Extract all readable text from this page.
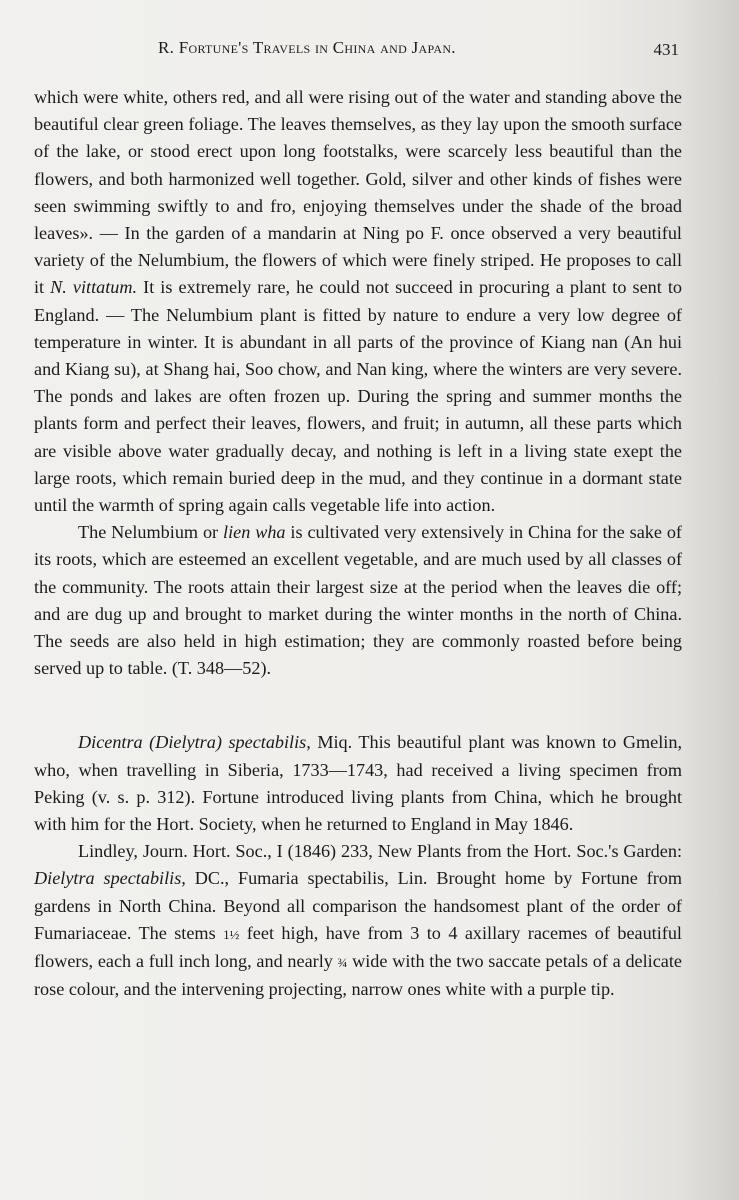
R. Fortune's Travels in China and Japan.	431

which were white, others red, and all were rising out of the water and standing above the beautiful clear green foliage. The leaves themselves, as they lay upon the smooth surface of the lake, or stood erect upon long footstalks, were scarcely less beautiful than the flowers, and both harmonized well together. Gold, silver and other kinds of fishes were seen swimming swiftly to and fro, enjoying themselves under the shade of the broad leaves». — In the garden of a mandarin at Ning po F. once observed a very beautiful variety of the Nelumbium, the flowers of which were finely striped. He proposes to call it N. vittatum. It is extremely rare, he could not succeed in procuring a plant to sent to England. — The Nelumbium plant is fitted by nature to endure a very low degree of temperature in winter. It is abundant in all parts of the province of Kiang nan (An hui and Kiang su), at Shang hai, Soo chow, and Nan king, where the winters are very severe. The ponds and lakes are often frozen up. During the spring and summer months the plants form and perfect their leaves, flowers, and fruit; in autumn, all these parts which are visible above water gradually decay, and nothing is left in a living state exept the large roots, which remain buried deep in the mud, and they continue in a dormant state until the warmth of spring again calls vegetable life into action.

The Nelumbium or lien wha is cultivated very extensively in China for the sake of its roots, which are esteemed an excellent vegetable, and are much used by all classes of the community. The roots attain their largest size at the period when the leaves die off; and are dug up and brought to market during the winter months in the north of China. The seeds are also held in high estimation; they are commonly roasted before being served up to table. (T. 348—52).

Dicentra (Dielytra) spectabilis, Miq. This beautiful plant was known to Gmelin, who, when travelling in Siberia, 1733—1743, had received a living specimen from Peking (v. s. p. 312). Fortune introduced living plants from China, which he brought with him for the Hort. Society, when he returned to England in May 1846.

Lindley, Journ. Hort. Soc., I (1846) 233, New Plants from the Hort. Soc.'s Garden: Dielytra spectabilis, DC., Fumaria spectabilis, Lin. Brought home by Fortune from gardens in North China. Beyond all comparison the handsomest plant of the order of Fumariaceae. The stems 1½ feet high, have from 3 to 4 axillary racemes of beautiful flowers, each a full inch long, and nearly ¾ wide with the two saccate petals of a delicate rose colour, and the intervening projecting, narrow ones white with a purple tip.
